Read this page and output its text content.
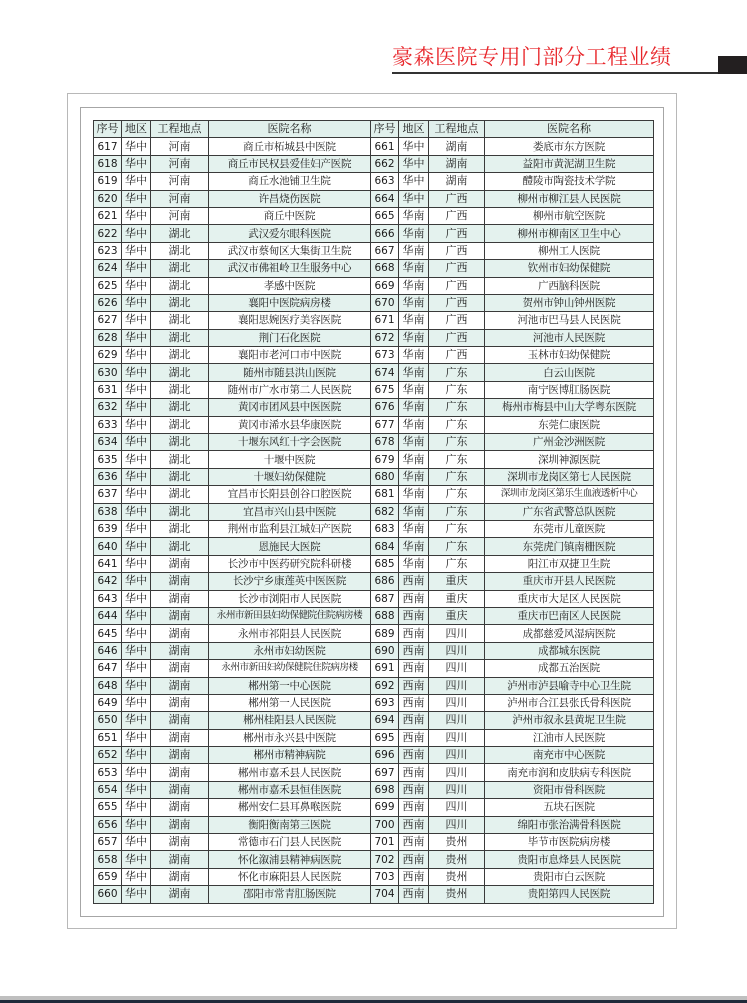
豪森医院专用门部分工程业绩
序号	地区	工程地点	医院名称	序号	地区	工程地点	医院名称
617	华中	河南	商丘市柘城县中医院	661	华中	湖南	娄底市东方医院
618	华中	河南	商丘市民权县爱佳妇产医院	662	华中	湖南	益阳市黄泥湖卫生院
619	华中	河南	商丘水池铺卫生院	663	华中	湖南	醴陵市陶瓷技术学院
620	华中	河南	许昌烧伤医院	664	华中	广西	柳州市柳江县人民医院
621	华中	河南	商丘中医院	665	华南	广西	柳州市航空医院
622	华中	湖北	武汉爱尔眼科医院	666	华南	广西	柳州市柳南区卫生中心
623	华中	湖北	武汉市蔡甸区大集街卫生院	667	华南	广西	柳州工人医院
624	华中	湖北	武汉市佛祖岭卫生服务中心	668	华南	广西	钦州市妇幼保健院
625	华中	湖北	孝感中医院	669	华南	广西	广西脑科医院
626	华中	湖北	襄阳中医院病房楼	670	华南	广西	贺州市钟山钟州医院
627	华中	湖北	襄阳思婉医疗美容医院	671	华南	广西	河池市巴马县人民医院
628	华中	湖北	荆门石化医院	672	华南	广西	河池市人民医院
629	华中	湖北	襄阳市老河口市中医院	673	华南	广西	玉林市妇幼保健院
630	华中	湖北	随州市随县洪山医院	674	华南	广东	白云山医院
631	华中	湖北	随州市广水市第二人民医院	675	华南	广东	南宁医博肛肠医院
632	华中	湖北	黄冈市团风县中医医院	676	华南	广东	梅州市梅县中山大学粤东医院
633	华中	湖北	黄冈市浠水县华康医院	677	华南	广东	东莞仁康医院
634	华中	湖北	十堰东风红十字会医院	678	华南	广东	广州金沙洲医院
635	华中	湖北	十堰中医院	679	华南	广东	深圳神源医院
636	华中	湖北	十堰妇幼保健院	680	华南	广东	深圳市龙岗区第七人民医院
637	华中	湖北	宜昌市长阳县创谷口腔医院	681	华南	广东	深圳市龙岗区第乐生血液透析中心
638	华中	湖北	宜昌市兴山县中医院	682	华南	广东	广东省武警总队医院
639	华中	湖北	荆州市监利县江城妇产医院	683	华南	广东	东莞市儿童医院
640	华中	湖北	恩施民大医院	684	华南	广东	东莞虎门镇南栅医院
641	华中	湖南	长沙市中医药研究院科研楼	685	华南	广东	阳江市双捷卫生院
642	华中	湖南	长沙宁乡康莲英中医医院	686	西南	重庆	重庆市开县人民医院
643	华中	湖南	长沙市浏阳市人民医院	687	西南	重庆	重庆市大足区人民医院
644	华中	湖南	永州市新田县妇幼保健院住院病房楼	688	西南	重庆	重庆市巴南区人民医院
645	华中	湖南	永州市祁阳县人民医院	689	西南	四川	成都慈爱风湿病医院
646	华中	湖南	永州市妇幼医院	690	西南	四川	成都城东医院
647	华中	湖南	永州市新田妇幼保健院住院病房楼	691	西南	四川	成都五治医院
648	华中	湖南	郴州第一中心医院	692	西南	四川	泸州市泸县喻寺中心卫生院
649	华中	湖南	郴州第一人民医院	693	西南	四川	泸州市合江县张氏骨科医院
650	华中	湖南	郴州桂阳县人民医院	694	西南	四川	泸州市叙永县黄坭卫生院
651	华中	湖南	郴州市永兴县中医院	695	西南	四川	江油市人民医院
652	华中	湖南	郴州市精神病院	696	西南	四川	南充市中心医院
653	华中	湖南	郴州市嘉禾县人民医院	697	西南	四川	南充市润和皮肤病专科医院
654	华中	湖南	郴州市嘉禾县恒佳医院	698	西南	四川	资阳市骨科医院
655	华中	湖南	郴州安仁县耳鼻喉医院	699	西南	四川	五块石医院
656	华中	湖南	衡阳衡南第三医院	700	西南	四川	绵阳市张治满骨科医院
657	华中	湖南	常德市石门县人民医院	701	西南	贵州	毕节市医院病房楼
658	华中	湖南	怀化溆浦县精神病医院	702	西南	贵州	贵阳市息烽县人民医院
659	华中	湖南	怀化市麻阳县人民医院	703	西南	贵州	贵阳市白云医院
660	华中	湖南	邵阳市常青肛肠医院	704	西南	贵州	贵阳第四人民医院
